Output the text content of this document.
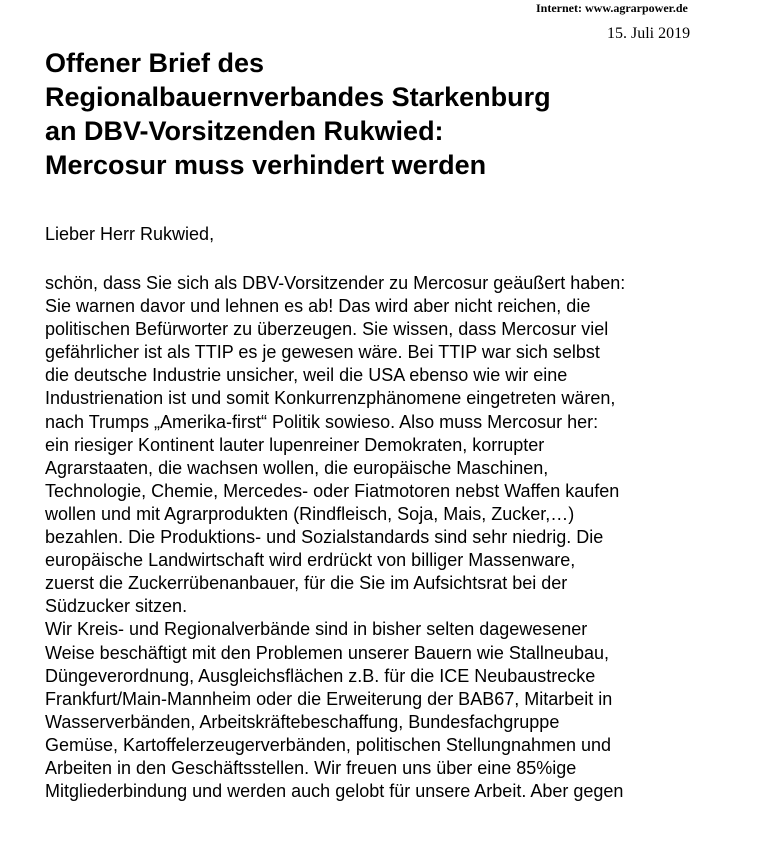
Internet: www.agrarpower.de
15. Juli 2019
Offener Brief des
Regionalbauernverbandes Starkenburg
an DBV-Vorsitzenden Rukwied:
Mercosur muss verhindert werden

Lieber Herr Rukwied,

schön, dass Sie sich als DBV-Vorsitzender zu Mercosur geäußert haben:
Sie warnen davor und lehnen es ab! Das wird aber nicht reichen, die
politischen Befürworter zu überzeugen. Sie wissen, dass Mercosur viel
gefährlicher ist als TTIP es je gewesen wäre. Bei TTIP war sich selbst
die deutsche Industrie unsicher, weil die USA ebenso wie wir eine
Industrienation ist und somit Konkurrenzphänomene eingetreten wären,
nach Trumps „Amerika-first“ Politik sowieso. Also muss Mercosur her:
ein riesiger Kontinent lauter lupenreiner Demokraten, korrupter
Agrarstaaten, die wachsen wollen, die europäische Maschinen,
Technologie, Chemie, Mercedes- oder Fiatmotoren nebst Waffen kaufen
wollen und mit Agrarprodukten (Rindfleisch, Soja, Mais, Zucker,…)
bezahlen. Die Produktions- und Sozialstandards sind sehr niedrig. Die
europäische Landwirtschaft wird erdrückt von billiger Massenware,
zuerst die Zuckerrübenanbauer, für die Sie im Aufsichtsrat bei der
Südzucker sitzen.
Wir Kreis- und Regionalverbände sind in bisher selten dagewesener
Weise beschäftigt mit den Problemen unserer Bauern wie Stallneubau,
Düngeverordnung, Ausgleichsflächen z.B. für die ICE Neubaustrecke
Frankfurt/Main-Mannheim oder die Erweiterung der BAB67, Mitarbeit in
Wasserverbänden, Arbeitskräftebeschaffung, Bundesfachgruppe
Gemüse, Kartoffelerzeugerverbänden, politischen Stellungnahmen und
Arbeiten in den Geschäftsstellen. Wir freuen uns über eine 85%ige
Mitgliederbindung und werden auch gelobt für unsere Arbeit. Aber gegen
